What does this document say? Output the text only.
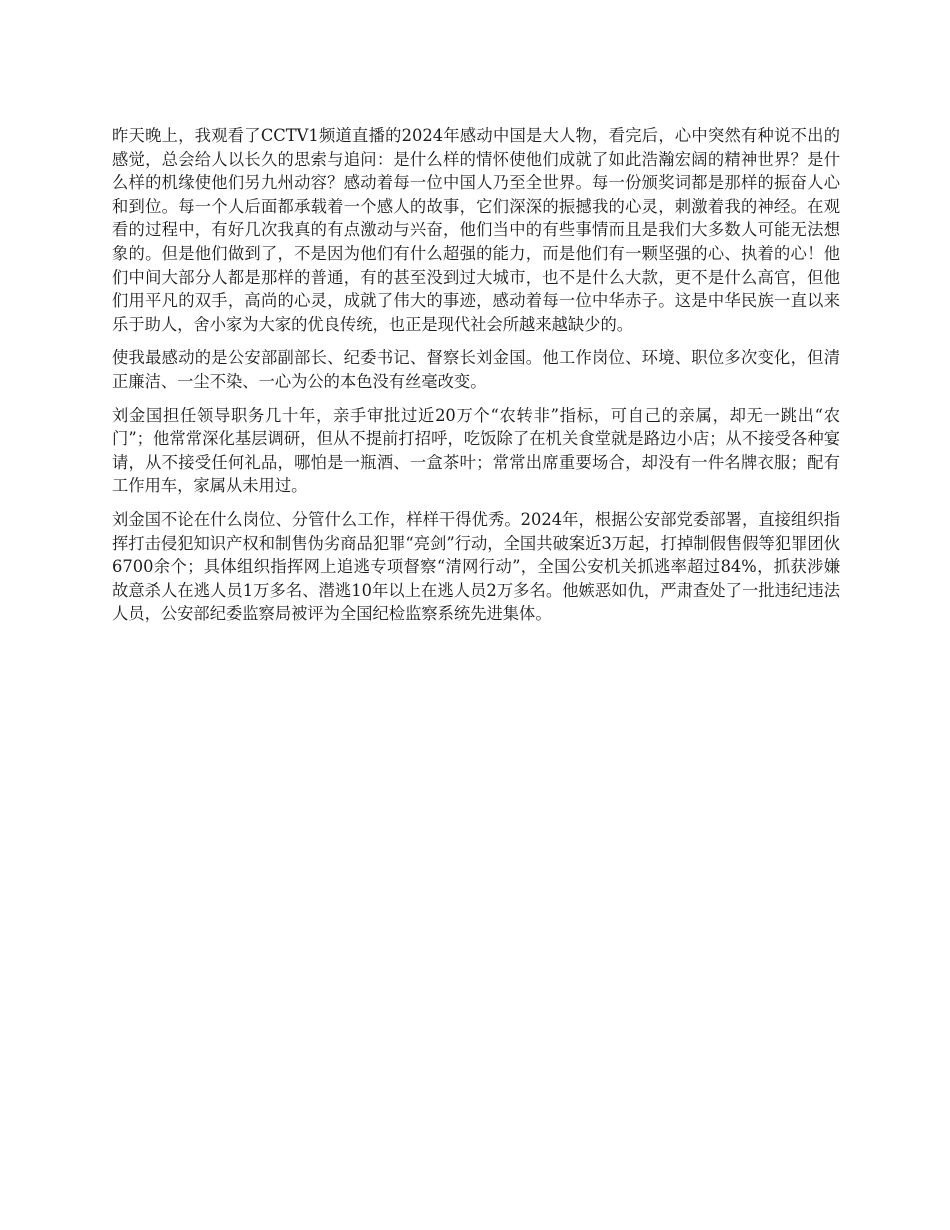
昨天晚上，我观看了CCTV1频道直播的2024年感动中国是大人物，看完后，心中突然有种说不出的感觉，总会给人以长久的思索与追问：是什么样的情怀使他们成就了如此浩瀚宏阔的精神世界？是什么样的机缘使他们另九州动容？感动着每一位中国人乃至全世界。每一份颁奖词都是那样的振奋人心和到位。每一个人后面都承载着一个感人的故事，它们深深的振撼我的心灵，刺激着我的神经。在观看的过程中，有好几次我真的有点激动与兴奋，他们当中的有些事情而且是我们大多数人可能无法想象的。但是他们做到了，不是因为他们有什么超强的能力，而是他们有一颗坚强的心、执着的心！他们中间大部分人都是那样的普通，有的甚至没到过大城市，也不是什么大款，更不是什么高官，但他们用平凡的双手，高尚的心灵，成就了伟大的事迹，感动着每一位中华赤子。这是中华民族一直以来乐于助人，舍小家为大家的优良传统，也正是现代社会所越来越缺少的。

使我最感动的是公安部副部长、纪委书记、督察长刘金国。他工作岗位、环境、职位多次变化，但清正廉洁、一尘不染、一心为公的本色没有丝毫改变。

刘金国担任领导职务几十年，亲手审批过近20万个“农转非”指标，可自己的亲属，却无一跳出“农门”；他常常深化基层调研，但从不提前打招呼，吃饭除了在机关食堂就是路边小店；从不接受各种宴请，从不接受任何礼品，哪怕是一瓶酒、一盒茶叶；常常出席重要场合，却没有一件名牌衣服；配有工作用车，家属从未用过。

刘金国不论在什么岗位、分管什么工作，样样干得优秀。2024年，根据公安部党委部署，直接组织指挥打击侵犯知识产权和制售伪劣商品犯罪“亮剑”行动，全国共破案近3万起，打掉制假售假等犯罪团伙6700余个；具体组织指挥网上追逃专项督察“清网行动”，全国公安机关抓逃率超过84%，抓获涉嫌故意杀人在逃人员1万多名、潜逃10年以上在逃人员2万多名。他嫉恶如仇，严肃查处了一批违纪违法人员，公安部纪委监察局被评为全国纪检监察系统先进集体。
